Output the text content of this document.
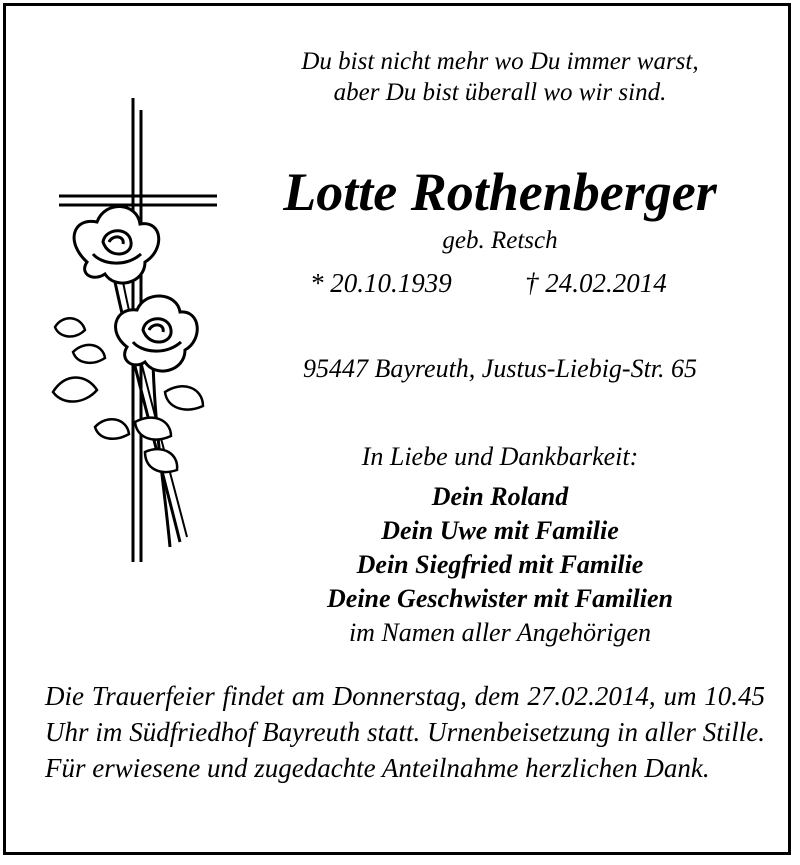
Du bist nicht mehr wo Du immer warst,
aber Du bist überall wo wir sind.
Lotte Rothenberger
geb. Retsch
* 20.10.1939	† 24.02.2014
95447 Bayreuth, Justus-Liebig-Str. 65
In Liebe und Dankbarkeit:
Dein Roland
Dein Uwe mit Familie
Dein Siegfried mit Familie
Deine Geschwister mit Familien
im Namen aller Angehörigen
Die Trauerfeier findet am Donnerstag, dem 27.02.2014, um 10.45 Uhr im Südfriedhof Bayreuth statt. Urnenbeisetzung in aller Stille. Für erwiesene und zugedachte Anteilnahme herzlichen Dank.
